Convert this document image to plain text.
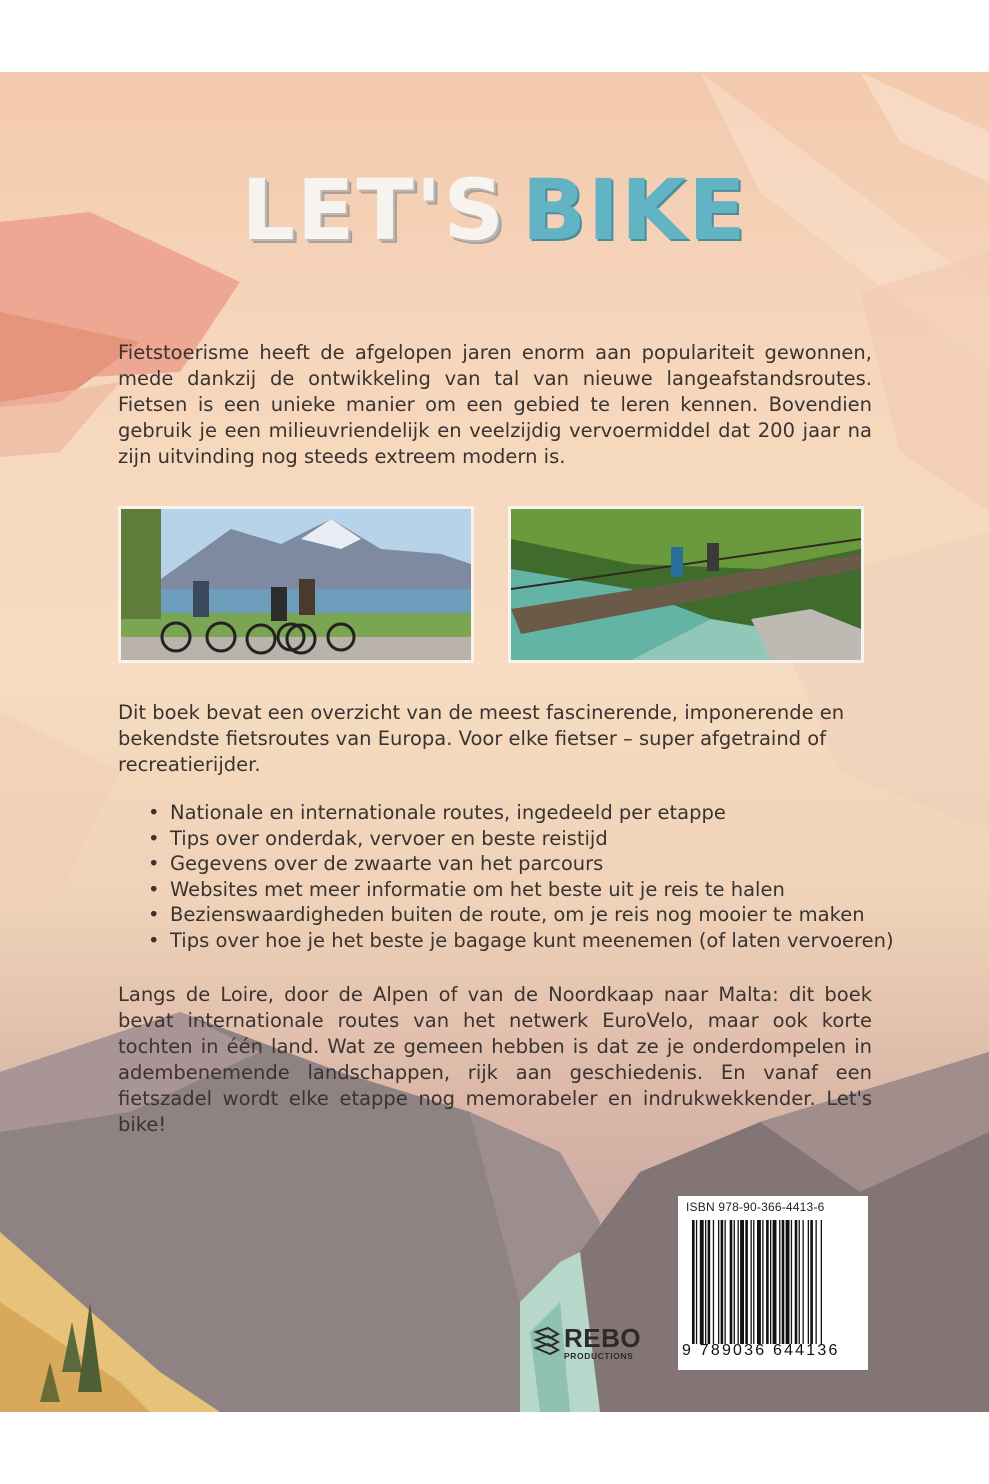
LET'S BIKE

Fietstoerisme heeft de afgelopen jaren enorm aan populariteit gewonnen, mede dankzij de ontwikkeling van tal van nieuwe langeafstandsroutes. Fietsen is een unieke manier om een gebied te leren kennen. Bovendien gebruik je een milieuvriendelijk en veelzijdig vervoermiddel dat 200 jaar na zijn uitvinding nog steeds extreem modern is.

Dit boek bevat een overzicht van de meest fascinerende, imponerende en bekendste fietsroutes van Europa. Voor elke fietser – super afgetraind of recreatierijder.

• Nationale en internationale routes, ingedeeld per etappe
• Tips over onderdak, vervoer en beste reistijd
• Gegevens over de zwaarte van het parcours
• Websites met meer informatie om het beste uit je reis te halen
• Bezienswaardigheden buiten de route, om je reis nog mooier te maken
• Tips over hoe je het beste je bagage kunt meenemen (of laten vervoeren)

Langs de Loire, door de Alpen of van de Noordkaap naar Malta: dit boek bevat internationale routes van het netwerk EuroVelo, maar ook korte tochten in één land. Wat ze gemeen hebben is dat ze je onderdompelen in adembenemende landschappen, rijk aan geschiedenis. En vanaf een fietszadel wordt elke etappe nog memorabeler en indrukwekkender. Let's bike!

REBO
PRODUCTIONS
ISBN 978-90-366-4413-6
9 789036 644136
